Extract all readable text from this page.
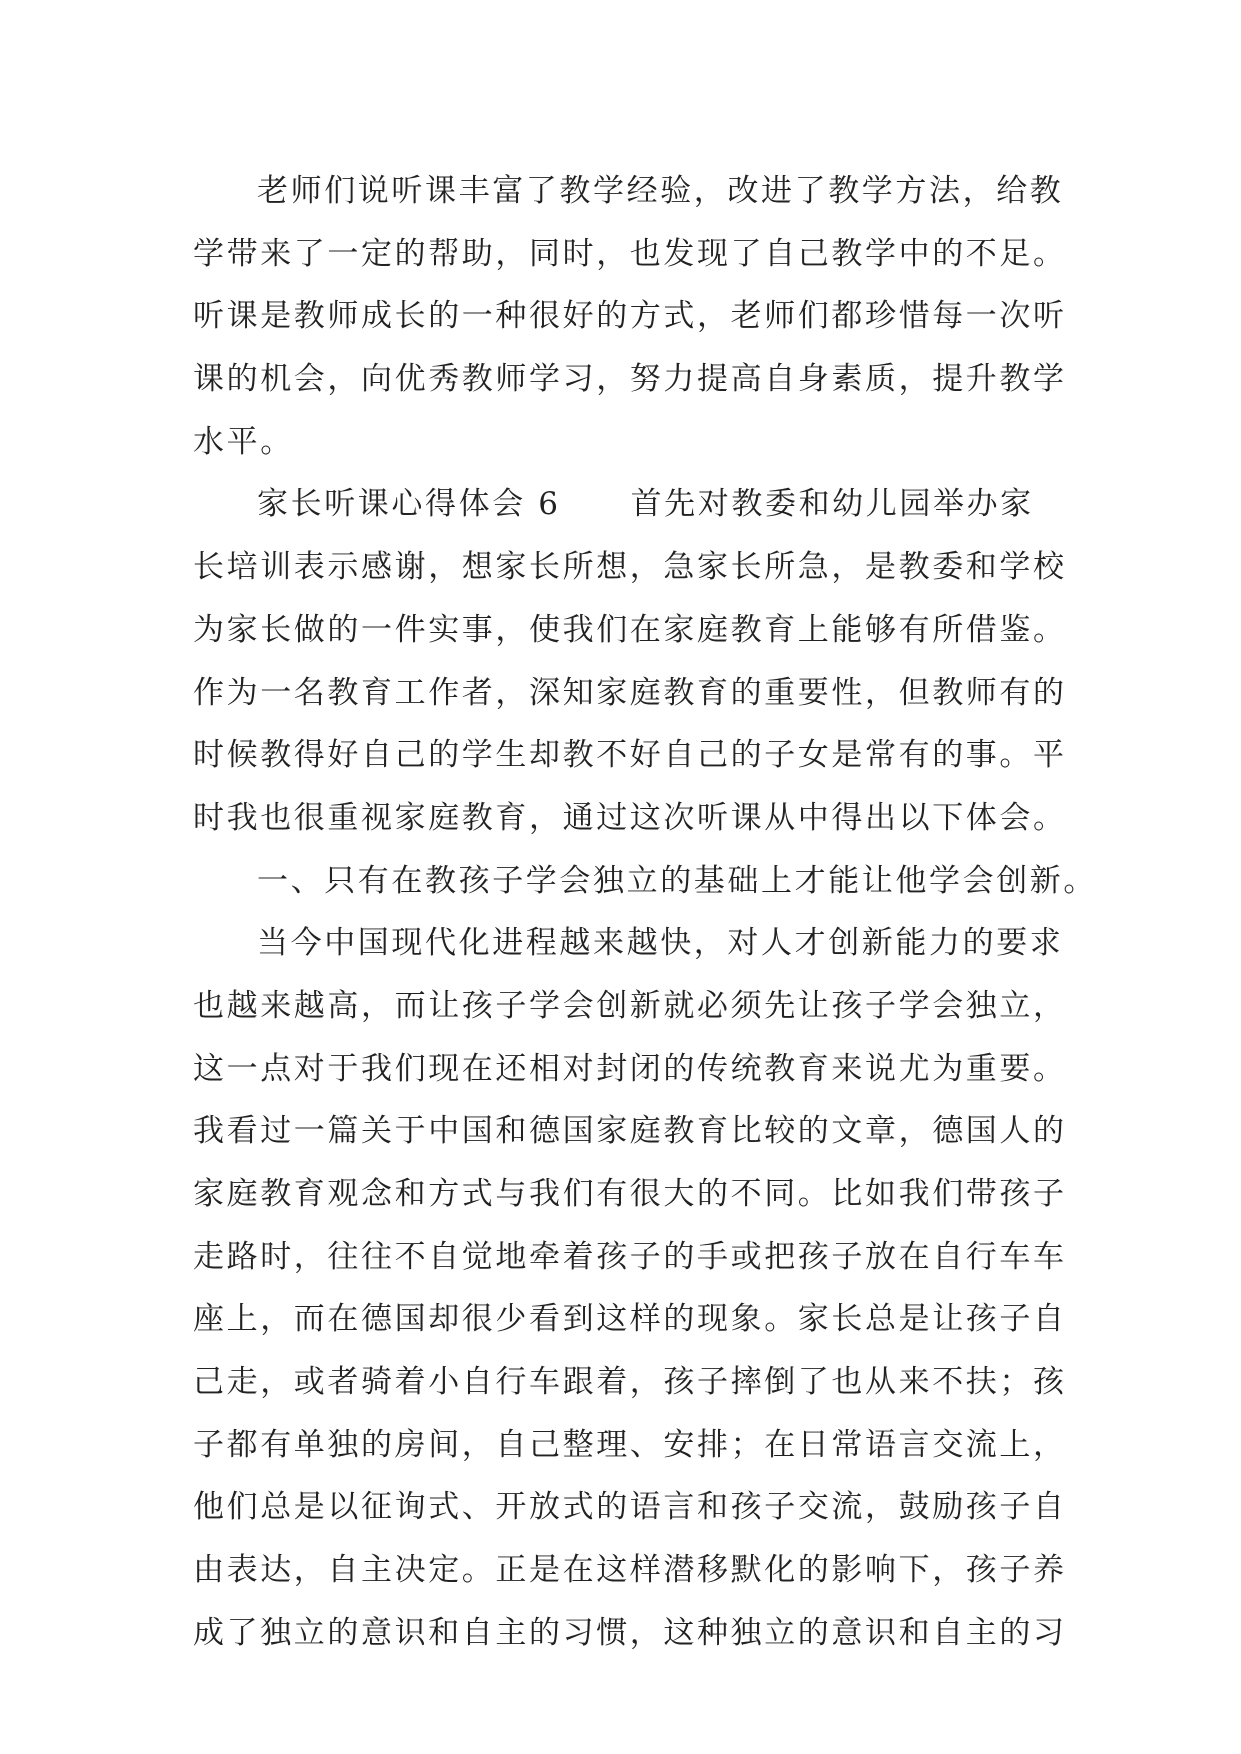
老师们说听课丰富了教学经验，改进了教学方法，给教
学带来了一定的帮助，同时，也发现了自己教学中的不足。
听课是教师成长的一种很好的方式，老师们都珍惜每一次听
课的机会，向优秀教师学习，努力提高自身素质，提升教学
水平。
家长听课心得体会 6 首先对教委和幼儿园举办家
长培训表示感谢，想家长所想，急家长所急，是教委和学校
为家长做的一件实事，使我们在家庭教育上能够有所借鉴。
作为一名教育工作者，深知家庭教育的重要性，但教师有的
时候教得好自己的学生却教不好自己的子女是常有的事。平
时我也很重视家庭教育，通过这次听课从中得出以下体会。
一、只有在教孩子学会独立的基础上才能让他学会创新。
当今中国现代化进程越来越快，对人才创新能力的要求
也越来越高，而让孩子学会创新就必须先让孩子学会独立，
这一点对于我们现在还相对封闭的传统教育来说尤为重要。
我看过一篇关于中国和德国家庭教育比较的文章，德国人的
家庭教育观念和方式与我们有很大的不同。比如我们带孩子
走路时，往往不自觉地牵着孩子的手或把孩子放在自行车车
座上，而在德国却很少看到这样的现象。家长总是让孩子自
己走，或者骑着小自行车跟着，孩子摔倒了也从来不扶；孩
子都有单独的房间，自己整理、安排；在日常语言交流上，
他们总是以征询式、开放式的语言和孩子交流，鼓励孩子自
由表达，自主决定。正是在这样潜移默化的影响下，孩子养
成了独立的意识和自主的习惯，这种独立的意识和自主的习
